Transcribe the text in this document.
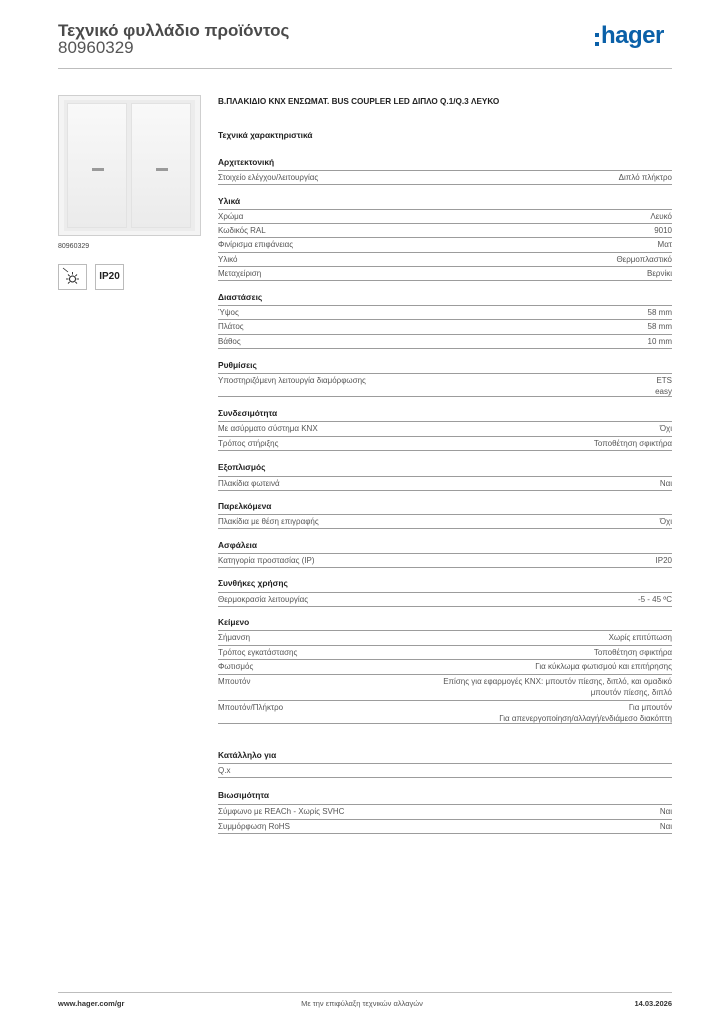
Τεχνικό φυλλάδιο προϊόντος
80960329	hager
80960329
IP20
Β.ΠΛΑΚΙΔΙΟ KNX ΕΝΣΩΜΑΤ. BUS COUPLER LED ΔΙΠΛΟ Q.1/Q.3 ΛΕΥΚΟ
Τεχνικά χαρακτηριστικά
Αρχιτεκτονική
Στοιχείο ελέγχου/λειτουργίας	Διπλό πλήκτρο
Υλικά
Χρώμα	Λευκό
Κωδικός RAL	9010
Φινίρισμα επιφάνειας	Ματ
Υλικό	Θερμοπλαστικό
Μεταχείριση	Βερνίκι
Διαστάσεις
Ύψος	58 mm
Πλάτος	58 mm
Βάθος	10 mm
Ρυθμίσεις
Υποστηριζόμενη λειτουργία διαμόρφωσης	ETS
easy
Συνδεσιμότητα
Με ασύρματο σύστημα KNX	Όχι
Τρόπος στήριξης	Τοποθέτηση σφικτήρα
Εξοπλισμός
Πλακίδια φωτεινά	Ναι
Παρελκόμενα
Πλακίδια με θέση επιγραφής	Όχι
Ασφάλεια
Κατηγορία προστασίας (IP)	IP20
Συνθήκες χρήσης
Θερμοκρασία λειτουργίας	-5 - 45 ºC
Κείμενο
Σήμανση	Χωρίς επιτύπωση
Τρόπος εγκατάστασης	Τοποθέτηση σφικτήρα
Φωτισμός	Για κύκλωμα φωτισμού και επιτήρησης
Μπουτόν	Επίσης για εφαρμογές KNX: μπουτόν πίεσης, διπλό, και ομαδικό
μπουτόν πίεσης, διπλό
Μπουτόν/Πλήκτρο	Για μπουτόν
Για απενεργοποίηση/αλλαγή/ενδιάμεσο διακόπτη
Κατάλληλο για
Q.x
Βιωσιμότητα
Σύμφωνο με REACh - Χωρίς SVHC	Ναι
Συμμόρφωση RoHS	Ναι
www.hager.com/gr	Με την επιφύλαξη τεχνικών αλλαγών	14.03.2026
